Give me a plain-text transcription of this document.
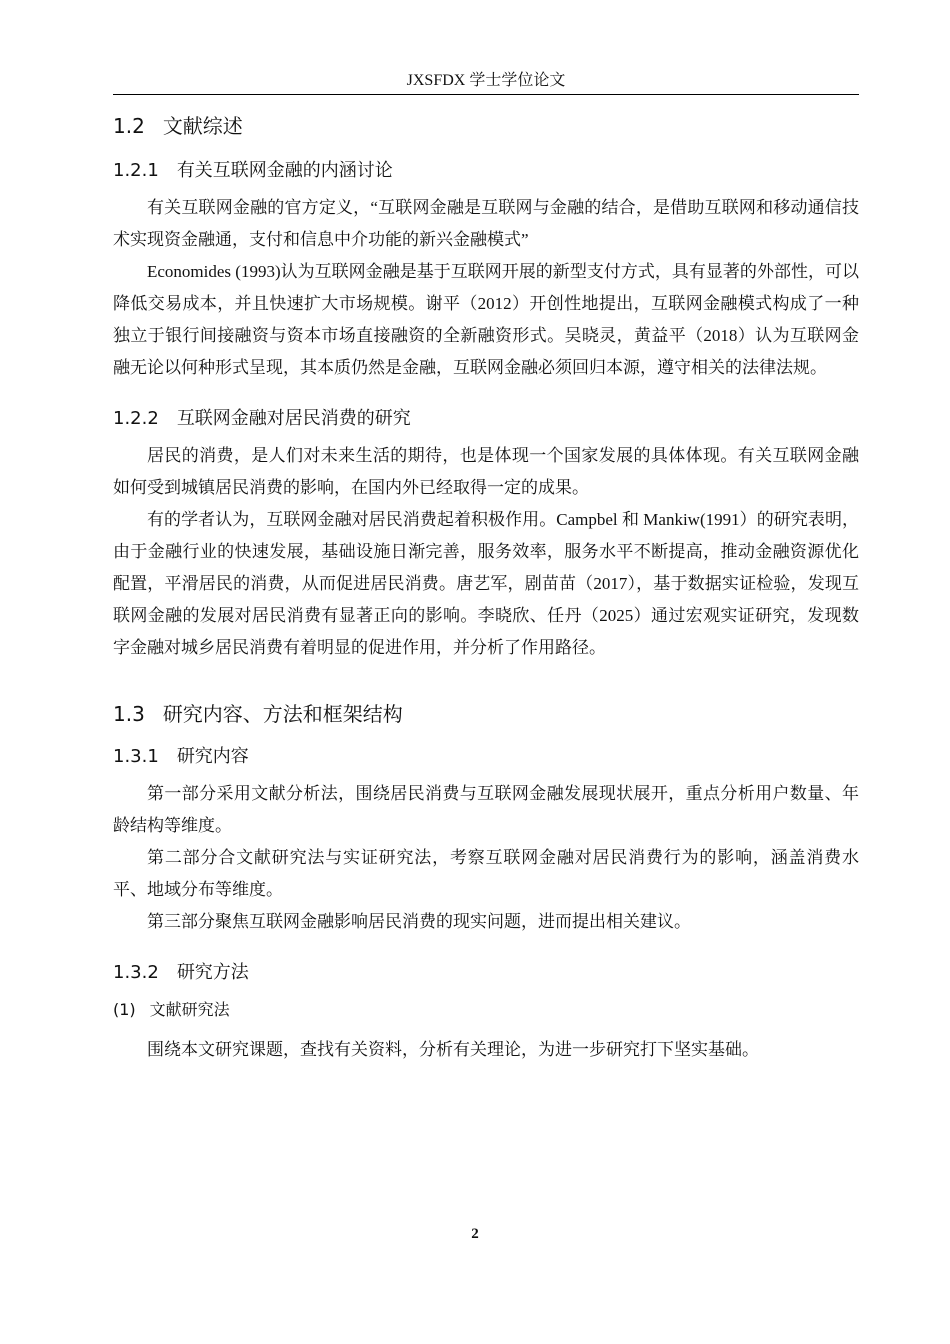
JXSFDX 学士学位论文
1.2 文献综述
1.2.1 有关互联网金融的内涵讨论

有关互联网金融的官方定义，“互联网金融是互联网与金融的结合，是借助互联网和移动通信技术实现资金融通，支付和信息中介功能的新兴金融模式”

Economides (1993)认为互联网金融是基于互联网开展的新型支付方式，具有显著的外部性，可以降低交易成本，并且快速扩大市场规模。谢平（2012）开创性地提出，互联网金融模式构成了一种独立于银行间接融资与资本市场直接融资的全新融资形式。吴晓灵，黄益平（2018）认为互联网金融无论以何种形式呈现，其本质仍然是金融，互联网金融必须回归本源，遵守相关的法律法规。

1.2.2 互联网金融对居民消费的研究

居民的消费，是人们对未来生活的期待，也是体现一个国家发展的具体体现。有关互联网金融如何受到城镇居民消费的影响，在国内外已经取得一定的成果。

有的学者认为，互联网金融对居民消费起着积极作用。Campbel 和 Mankiw(1991）的研究表明，由于金融行业的快速发展，基础设施日渐完善，服务效率，服务水平不断提高，推动金融资源优化配置，平滑居民的消费，从而促进居民消费。唐艺军，剧苗苗（2017），基于数据实证检验，发现互联网金融的发展对居民消费有显著正向的影响。李晓欣、任丹（2025）通过宏观实证研究，发现数字金融对城乡居民消费有着明显的促进作用，并分析了作用路径。

1.3 研究内容、方法和框架结构
1.3.1 研究内容

第一部分采用文献分析法，围绕居民消费与互联网金融发展现状展开，重点分析用户数量、年龄结构等维度。

第二部分合文献研究法与实证研究法，考察互联网金融对居民消费行为的影响，涵盖消费水平、地域分布等维度。

第三部分聚焦互联网金融影响居民消费的现实问题，进而提出相关建议。

1.3.2 研究方法
(1) 文献研究法

围绕本文研究课题，查找有关资料，分析有关理论，为进一步研究打下坚实基础。

2
